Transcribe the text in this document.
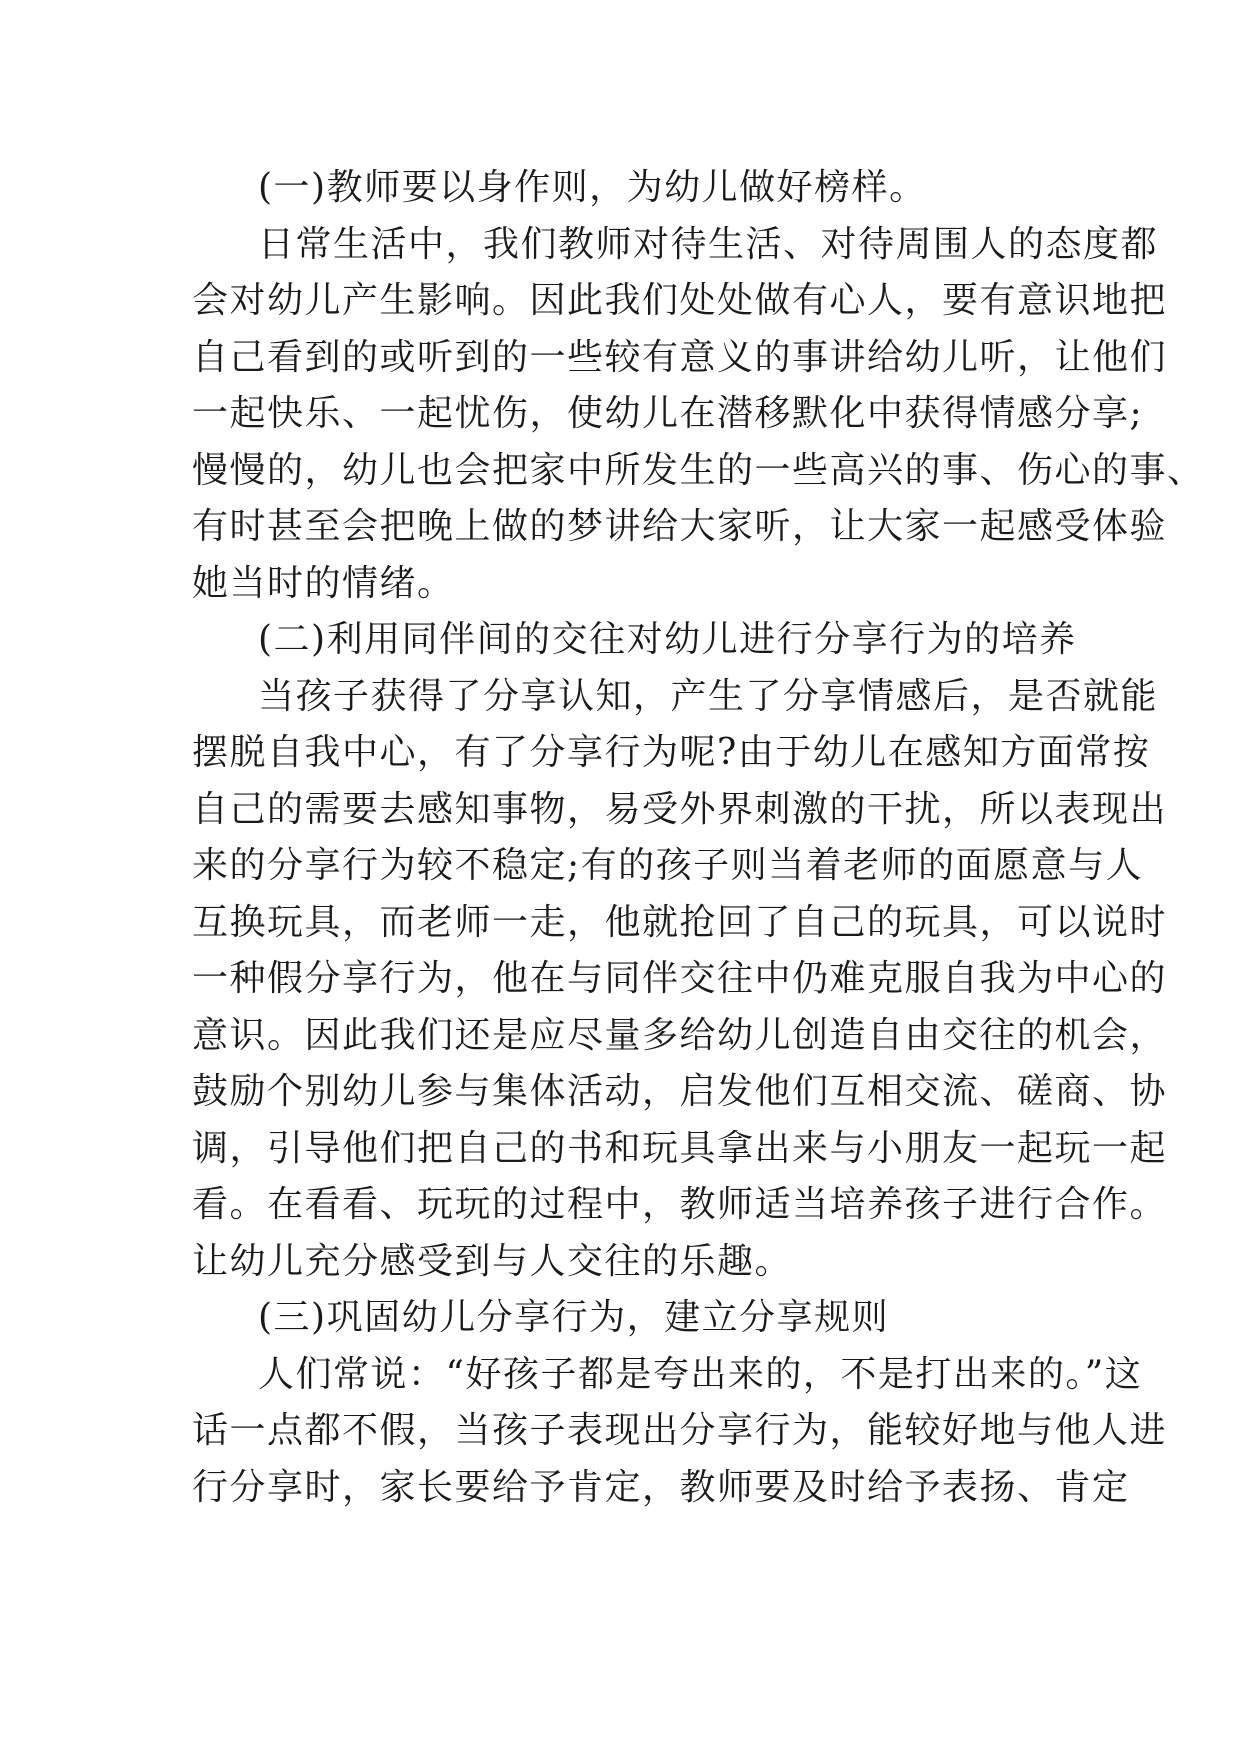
(一)教师要以身作则，为幼儿做好榜样。
日常生活中，我们教师对待生活、对待周围人的态度都
会对幼儿产生影响。因此我们处处做有心人，要有意识地把
自己看到的或听到的一些较有意义的事讲给幼儿听，让他们
一起快乐、一起忧伤，使幼儿在潜移默化中获得情感分享;
慢慢的，幼儿也会把家中所发生的一些高兴的事、伤心的事、
有时甚至会把晚上做的梦讲给大家听，让大家一起感受体验
她当时的情绪。
(二)利用同伴间的交往对幼儿进行分享行为的培养
当孩子获得了分享认知，产生了分享情感后，是否就能
摆脱自我中心，有了分享行为呢?由于幼儿在感知方面常按
自己的需要去感知事物，易受外界刺激的干扰，所以表现出
来的分享行为较不稳定;有的孩子则当着老师的面愿意与人
互换玩具，而老师一走，他就抢回了自己的玩具，可以说时
一种假分享行为，他在与同伴交往中仍难克服自我为中心的
意识。因此我们还是应尽量多给幼儿创造自由交往的机会，
鼓励个别幼儿参与集体活动，启发他们互相交流、磋商、协
调，引导他们把自己的书和玩具拿出来与小朋友一起玩一起
看。在看看、玩玩的过程中，教师适当培养孩子进行合作。
让幼儿充分感受到与人交往的乐趣。
(三)巩固幼儿分享行为，建立分享规则
人们常说：“好孩子都是夸出来的，不是打出来的。”这
话一点都不假，当孩子表现出分享行为，能较好地与他人进
行分享时，家长要给予肯定，教师要及时给予表扬、肯定
